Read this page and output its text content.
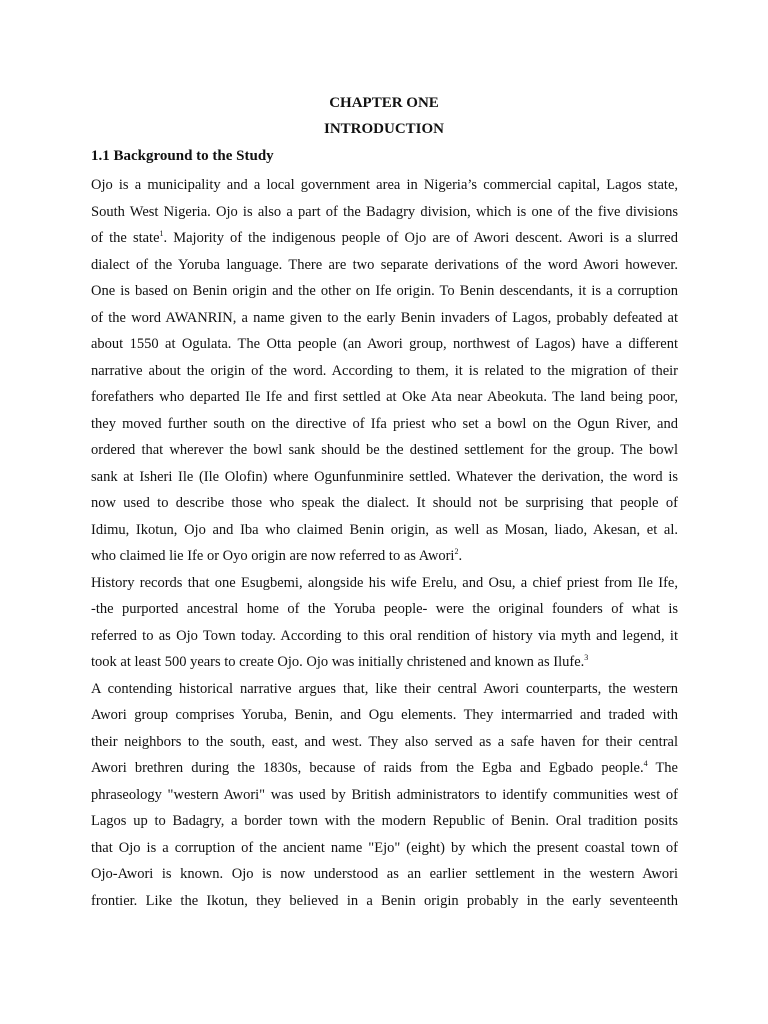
CHAPTER ONE
INTRODUCTION
1.1 Background to the Study
Ojo is a municipality and a local government area in Nigeria’s commercial capital, Lagos state,
South West Nigeria. Ojo is also a part of the Badagry division, which is one of the five divisions
of the state$^1$. Majority of the indigenous people of Ojo are of Awori descent. Awori is a slurred
dialect of the Yoruba language. There are two separate derivations of the word Awori however.
One is based on Benin origin and the other on Ife origin. To Benin descendants, it is a corruption
of the word AWANRIN, a name given to the early Benin invaders of Lagos, probably defeated at
about 1550 at Ogulata. The Otta people (an Awori group, northwest of Lagos) have a different
narrative about the origin of the word. According to them, it is related to the migration of their
forefathers who departed Ile Ife and first settled at Oke Ata near Abeokuta. The land being poor,
they moved further south on the directive of Ifa priest who set a bowl on the Ogun River, and
ordered that wherever the bowl sank should be the destined settlement for the group. The bowl
sank at Isheri Ile (Ile Olofin) where Ogunfunminire settled. Whatever the derivation, the word is
now used to describe those who speak the dialect. It should not be surprising that people of
Idimu, Ikotun, Ojo and Iba who claimed Benin origin, as well as Mosan, liado, Akesan, et al.
who claimed lie Ife or Oyo origin are now referred to as Awori$^2$.
History records that one Esugbemi, alongside his wife Erelu, and Osu, a chief priest from Ile Ife,
-the purported ancestral home of the Yoruba people- were the original founders of what is
referred to as Ojo Town today. According to this oral rendition of history via myth and legend, it
took at least 500 years to create Ojo. Ojo was initially christened and known as Ilufe.$^3$
A contending historical narrative argues that, like their central Awori counterparts, the western
Awori group comprises Yoruba, Benin, and Ogu elements. They intermarried and traded with
their neighbors to the south, east, and west. They also served as a safe haven for their central
Awori brethren during the 1830s, because of raids from the Egba and Egbado people.$^4$ The
phraseology "western Awori" was used by British administrators to identify communities west of
Lagos up to Badagry, a border town with the modern Republic of Benin. Oral tradition posits
that Ojo is a corruption of the ancient name "Ejo" (eight) by which the present coastal town of
Ojo-Awori is known. Ojo is now understood as an earlier settlement in the western Awori
frontier. Like the Ikotun, they believed in a Benin origin probably in the early seventeenth
